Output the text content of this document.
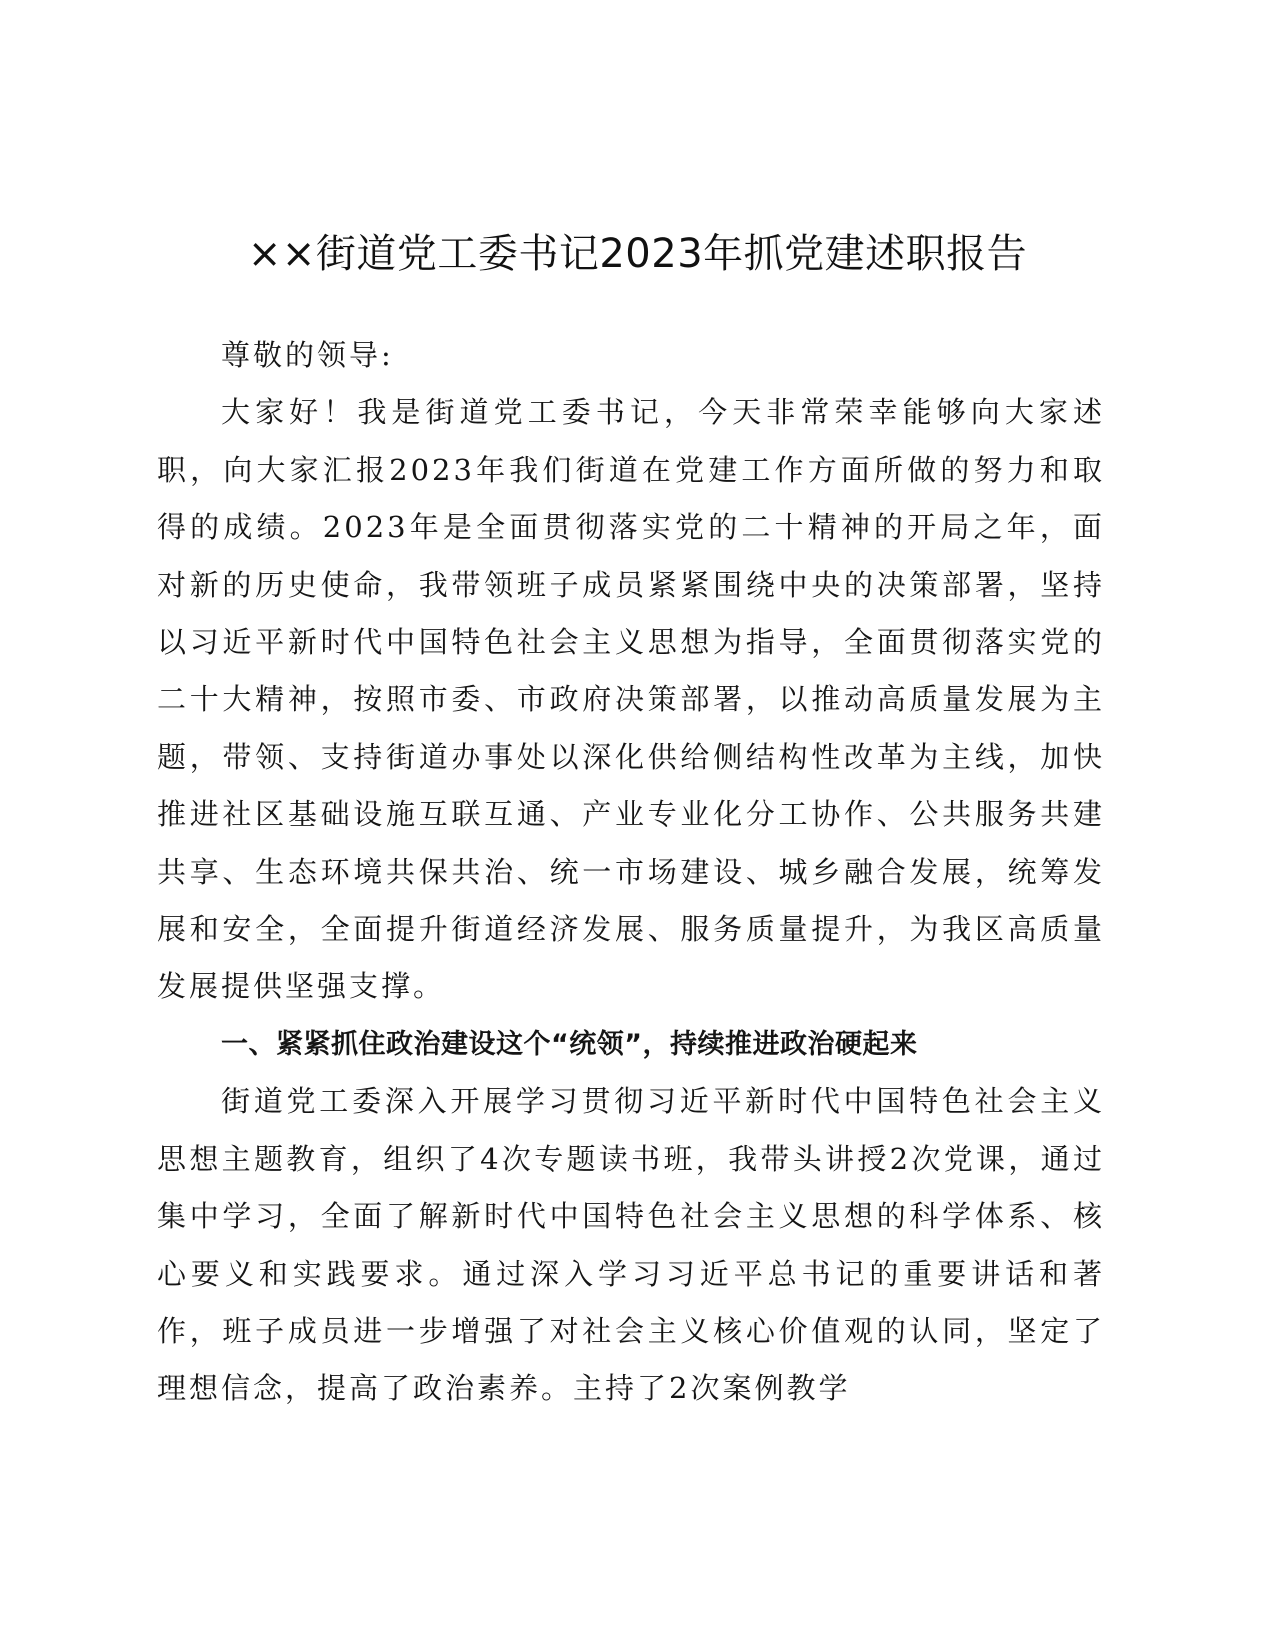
××街道党工委书记2023年抓党建述职报告

尊敬的领导:

大家好！我是街道党工委书记，今天非常荣幸能够向大家述职，向大家汇报2023年我们街道在党建工作方面所做的努力和取得的成绩。2023年是全面贯彻落实党的二十精神的开局之年，面对新的历史使命，我带领班子成员紧紧围绕中央的决策部署，坚持以习近平新时代中国特色社会主义思想为指导，全面贯彻落实党的二十大精神，按照市委、市政府决策部署，以推动高质量发展为主题，带领、支持街道办事处以深化供给侧结构性改革为主线，加快推进社区基础设施互联互通、产业专业化分工协作、公共服务共建共享、生态环境共保共治、统一市场建设、城乡融合发展，统筹发展和安全，全面提升街道经济发展、服务质量提升，为我区高质量发展提供坚强支撑。

一、紧紧抓住政治建设这个“统领”，持续推进政治硬起来

街道党工委深入开展学习贯彻习近平新时代中国特色社会主义思想主题教育，组织了4次专题读书班，我带头讲授2次党课，通过集中学习，全面了解新时代中国特色社会主义思想的科学体系、核心要义和实践要求。通过深入学习习近平总书记的重要讲话和著作，班子成员进一步增强了对社会主义核心价值观的认同，坚定了理想信念，提高了政治素养。主持了2次案例教学
